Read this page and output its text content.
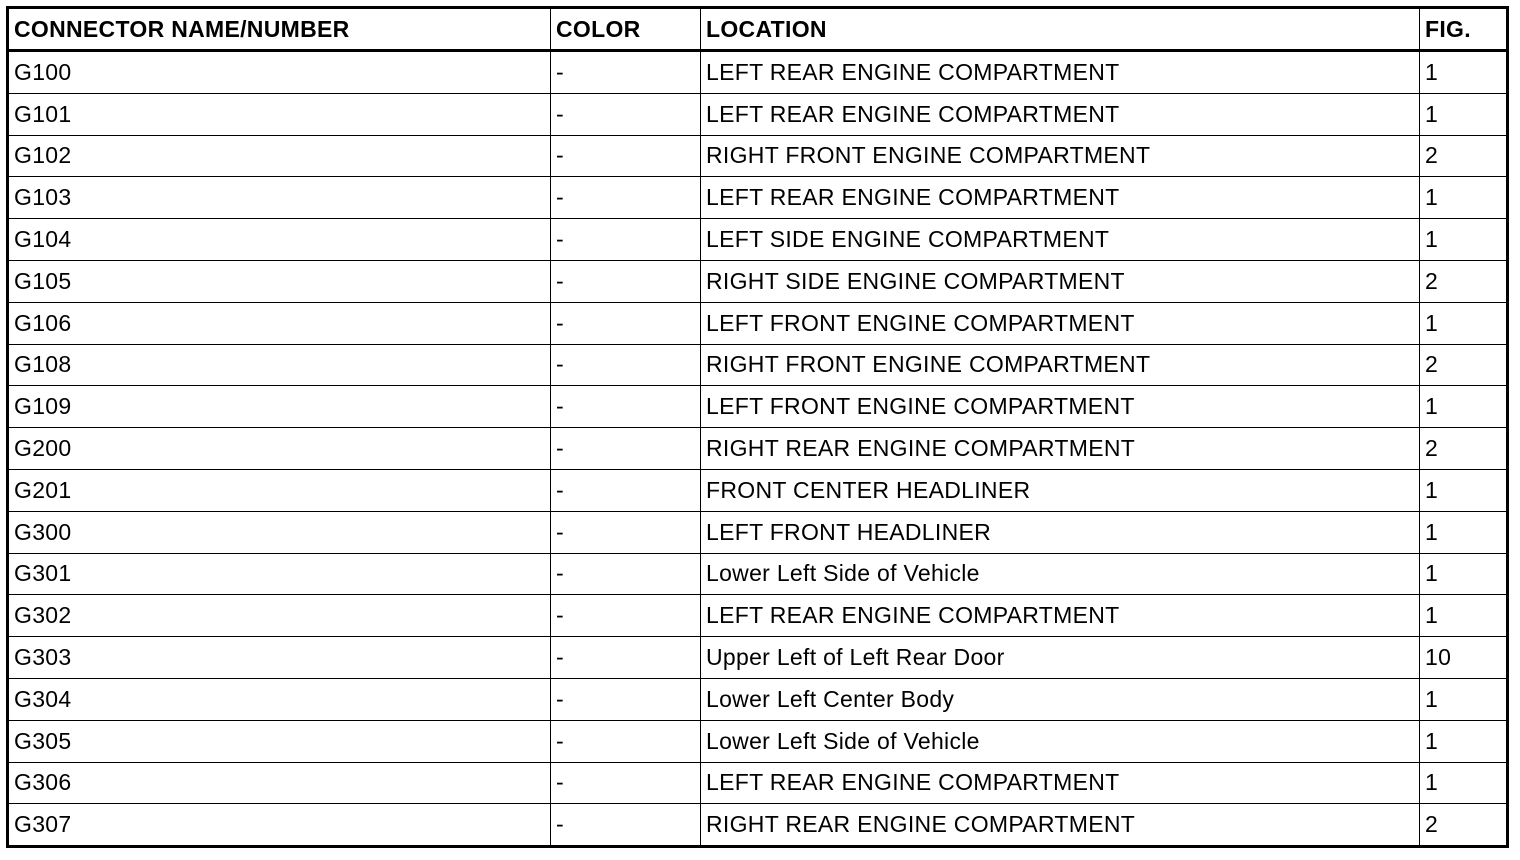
CONNECTOR NAME/NUMBER	COLOR	LOCATION	FIG.
G100	-	LEFT REAR ENGINE COMPARTMENT	1
G101	-	LEFT REAR ENGINE COMPARTMENT	1
G102	-	RIGHT FRONT ENGINE COMPARTMENT	2
G103	-	LEFT REAR ENGINE COMPARTMENT	1
G104	-	LEFT SIDE ENGINE COMPARTMENT	1
G105	-	RIGHT SIDE ENGINE COMPARTMENT	2
G106	-	LEFT FRONT ENGINE COMPARTMENT	1
G108	-	RIGHT FRONT ENGINE COMPARTMENT	2
G109	-	LEFT FRONT ENGINE COMPARTMENT	1
G200	-	RIGHT REAR ENGINE COMPARTMENT	2
G201	-	FRONT CENTER HEADLINER	1
G300	-	LEFT FRONT HEADLINER	1
G301	-	Lower Left Side of Vehicle	1
G302	-	LEFT REAR ENGINE COMPARTMENT	1
G303	-	Upper Left of Left Rear Door	10
G304	-	Lower Left Center Body	1
G305	-	Lower Left Side of Vehicle	1
G306	-	LEFT REAR ENGINE COMPARTMENT	1
G307	-	RIGHT REAR ENGINE COMPARTMENT	2
